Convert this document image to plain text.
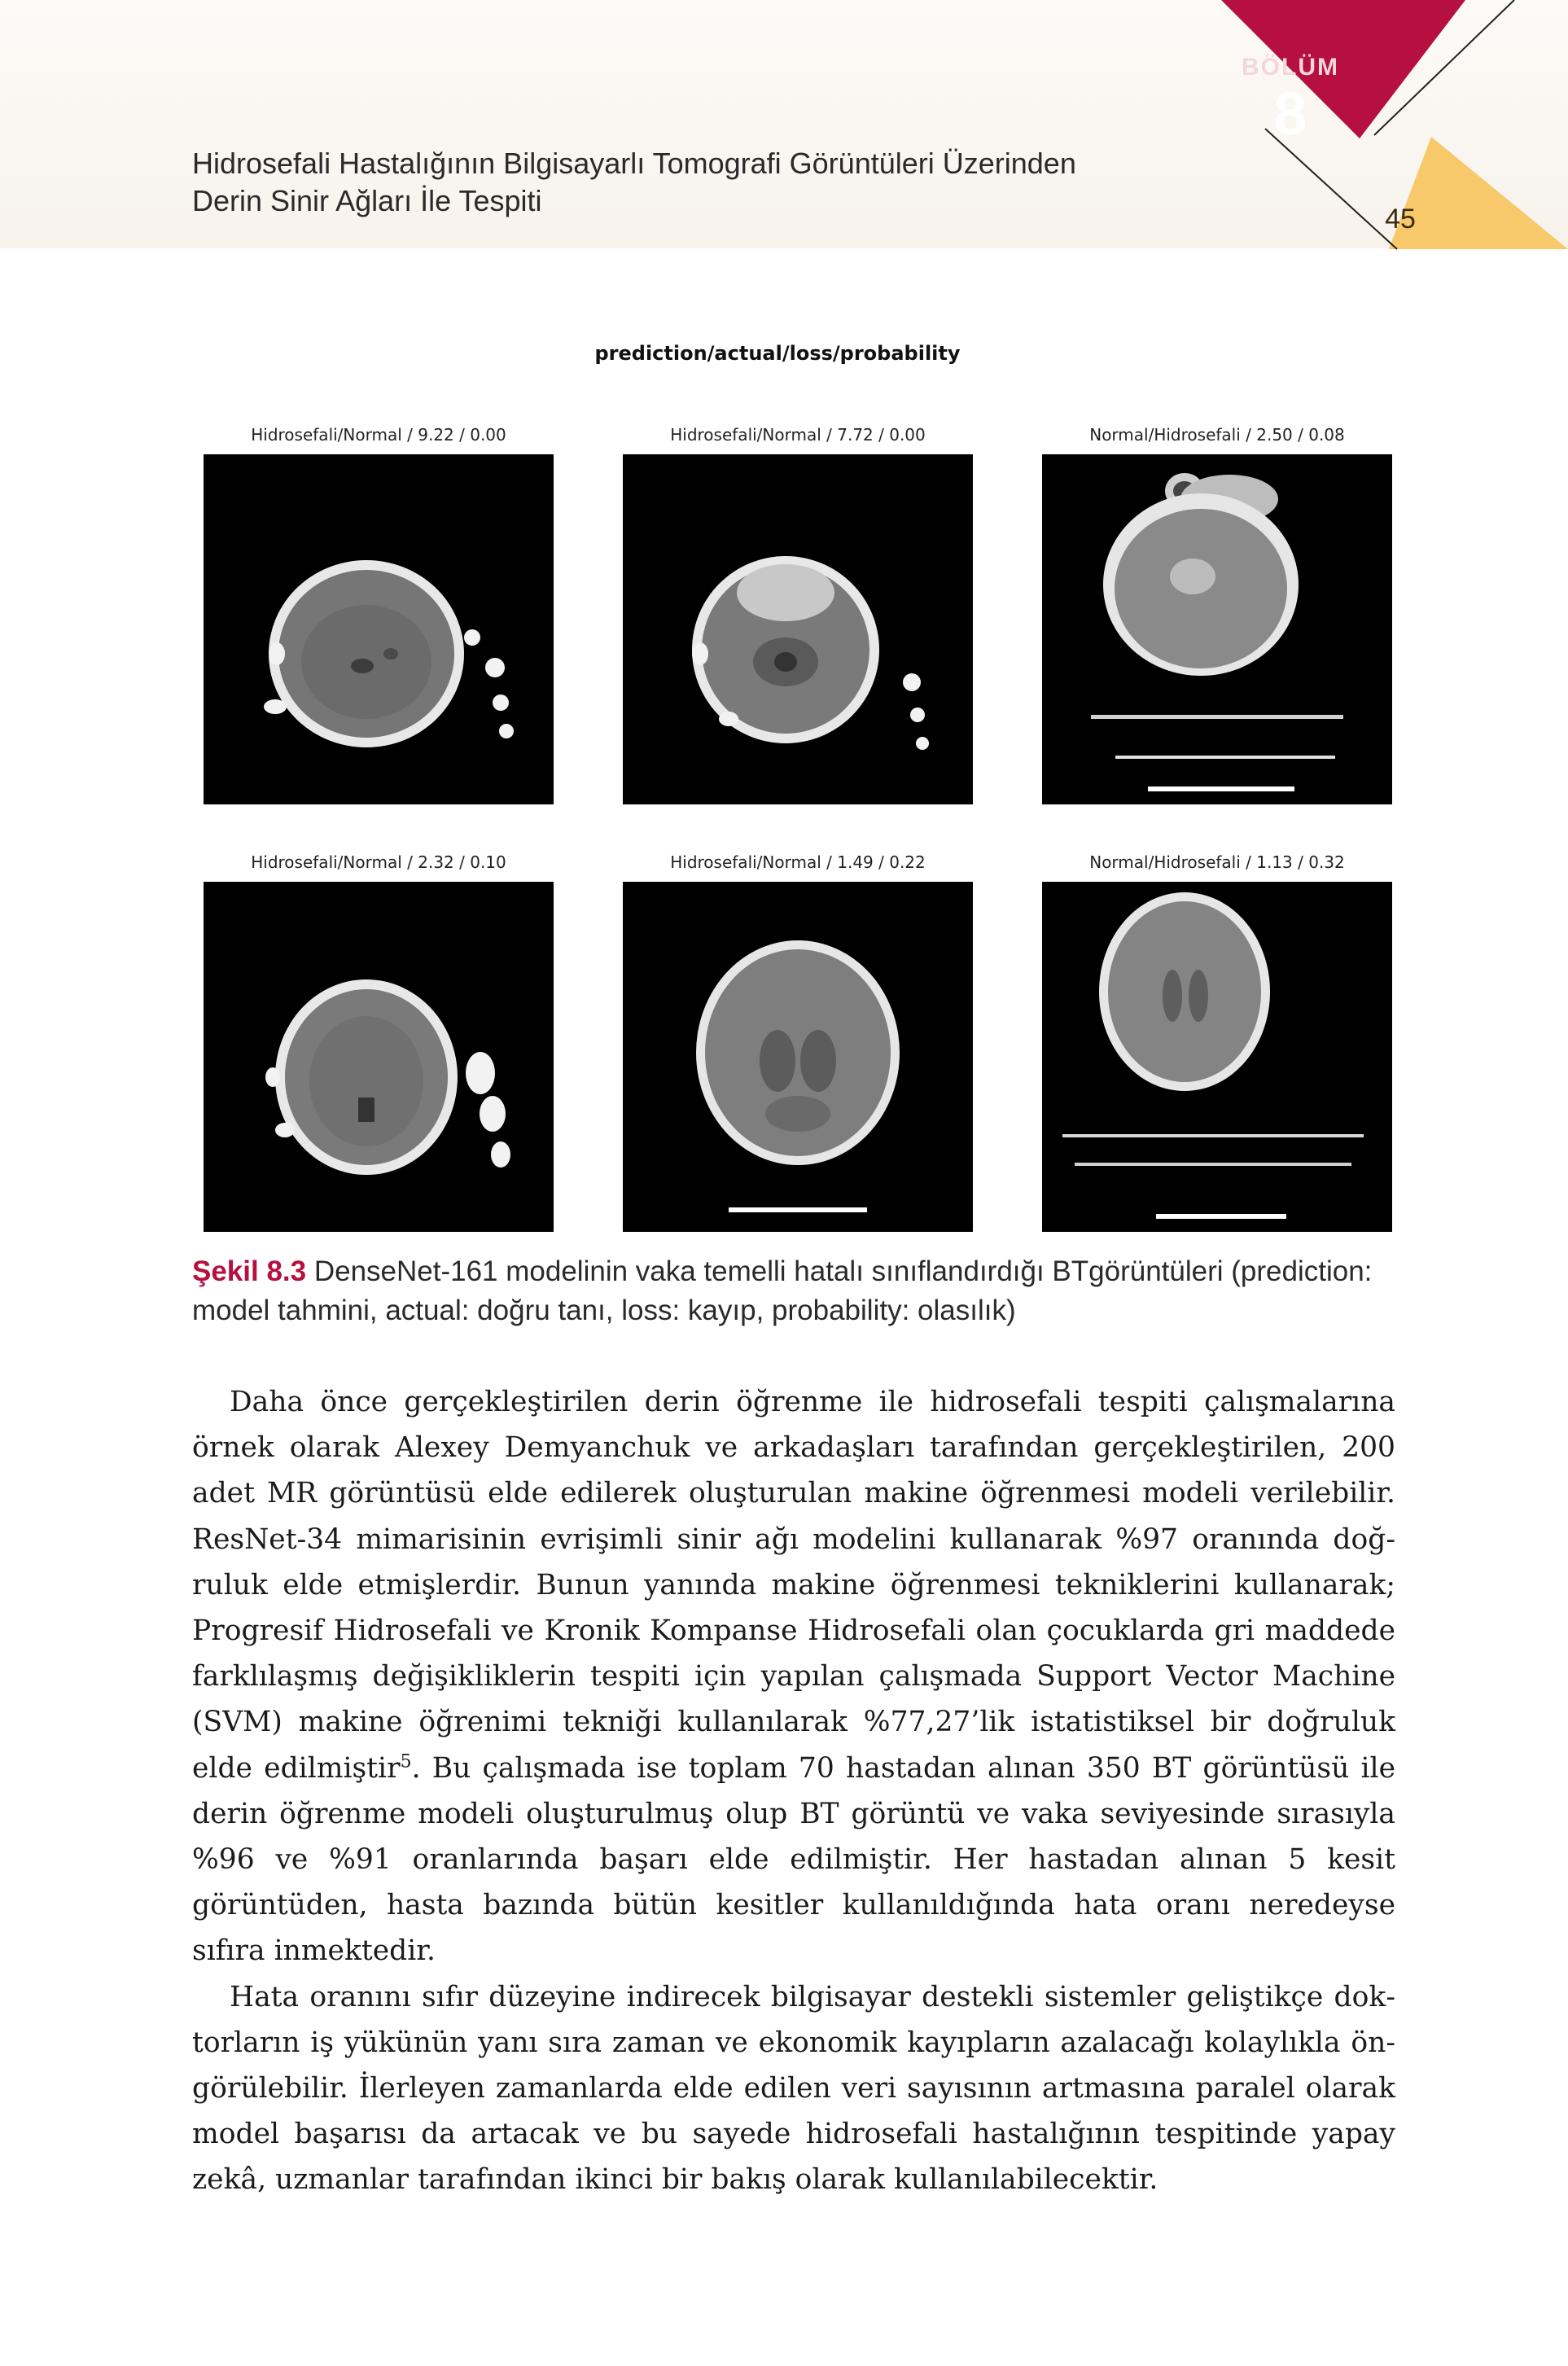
Hidrosefali Hastalığının Bilgisayarlı Tomografi Görüntüleri Üzerinden
Derin Sinir Ağları İle Tespiti
BÖLÜM
8
45
prediction/actual/loss/probability
Hidrosefali/Normal / 9.22 / 0.00	Hidrosefali/Normal / 7.72 / 0.00	Normal/Hidrosefali / 2.50 / 0.08
Hidrosefali/Normal / 2.32 / 0.10	Hidrosefali/Normal / 1.49 / 0.22	Normal/Hidrosefali / 1.13 / 0.32
Şekil 8.3 DenseNet-161 modelinin vaka temelli hatalı sınıflandırdığı BTgörüntüleri (prediction: model tahmini, actual: doğru tanı, loss: kayıp, probability: olasılık)

Daha önce gerçekleştirilen derin öğrenme ile hidrosefali tespiti çalışmalarına örnek olarak Alexey Demyanchuk ve arkadaşları tarafından gerçekleştirilen, 200 adet MR görüntüsü elde edilerek oluşturulan makine öğrenmesi modeli verilebilir. ResNet-34 mimarisinin evrişimli sinir ağı modelini kullanarak %97 oranında doğruluk elde etmişlerdir. Bunun yanında makine öğrenmesi tekniklerini kullanarak; Progresif Hidrosefali ve Kronik Kompanse Hidrosefali olan çocuklarda gri maddede farklılaşmış değişikliklerin tespiti için yapılan çalışmada Support Vector Machine (SVM) makine öğrenimi tekniği kullanılarak %77,27’lik istatistiksel bir doğruluk elde edilmiştir$^5$. Bu çalışmada ise toplam 70 hastadan alınan 350 BT görüntüsü ile derin öğrenme modeli oluşturulmuş olup BT görüntü ve vaka seviyesinde sırasıyla %96 ve %91 oranlarında başarı elde edilmiştir. Her hastadan alınan 5 kesit görüntüden, hasta bazında bütün kesitler kullanıldığında hata oranı neredeyse sıfıra inmektedir.

Hata oranını sıfır düzeyine indirecek bilgisayar destekli sistemler geliştikçe doktorların iş yükünün yanı sıra zaman ve ekonomik kayıpların azalacağı kolaylıkla öngörülebilir. İlerleyen zamanlarda elde edilen veri sayısının artmasına paralel olarak model başarısı da artacak ve bu sayede hidrosefali hastalığının tespitinde yapay zekâ, uzmanlar tarafından ikinci bir bakış olarak kullanılabilecektir.
